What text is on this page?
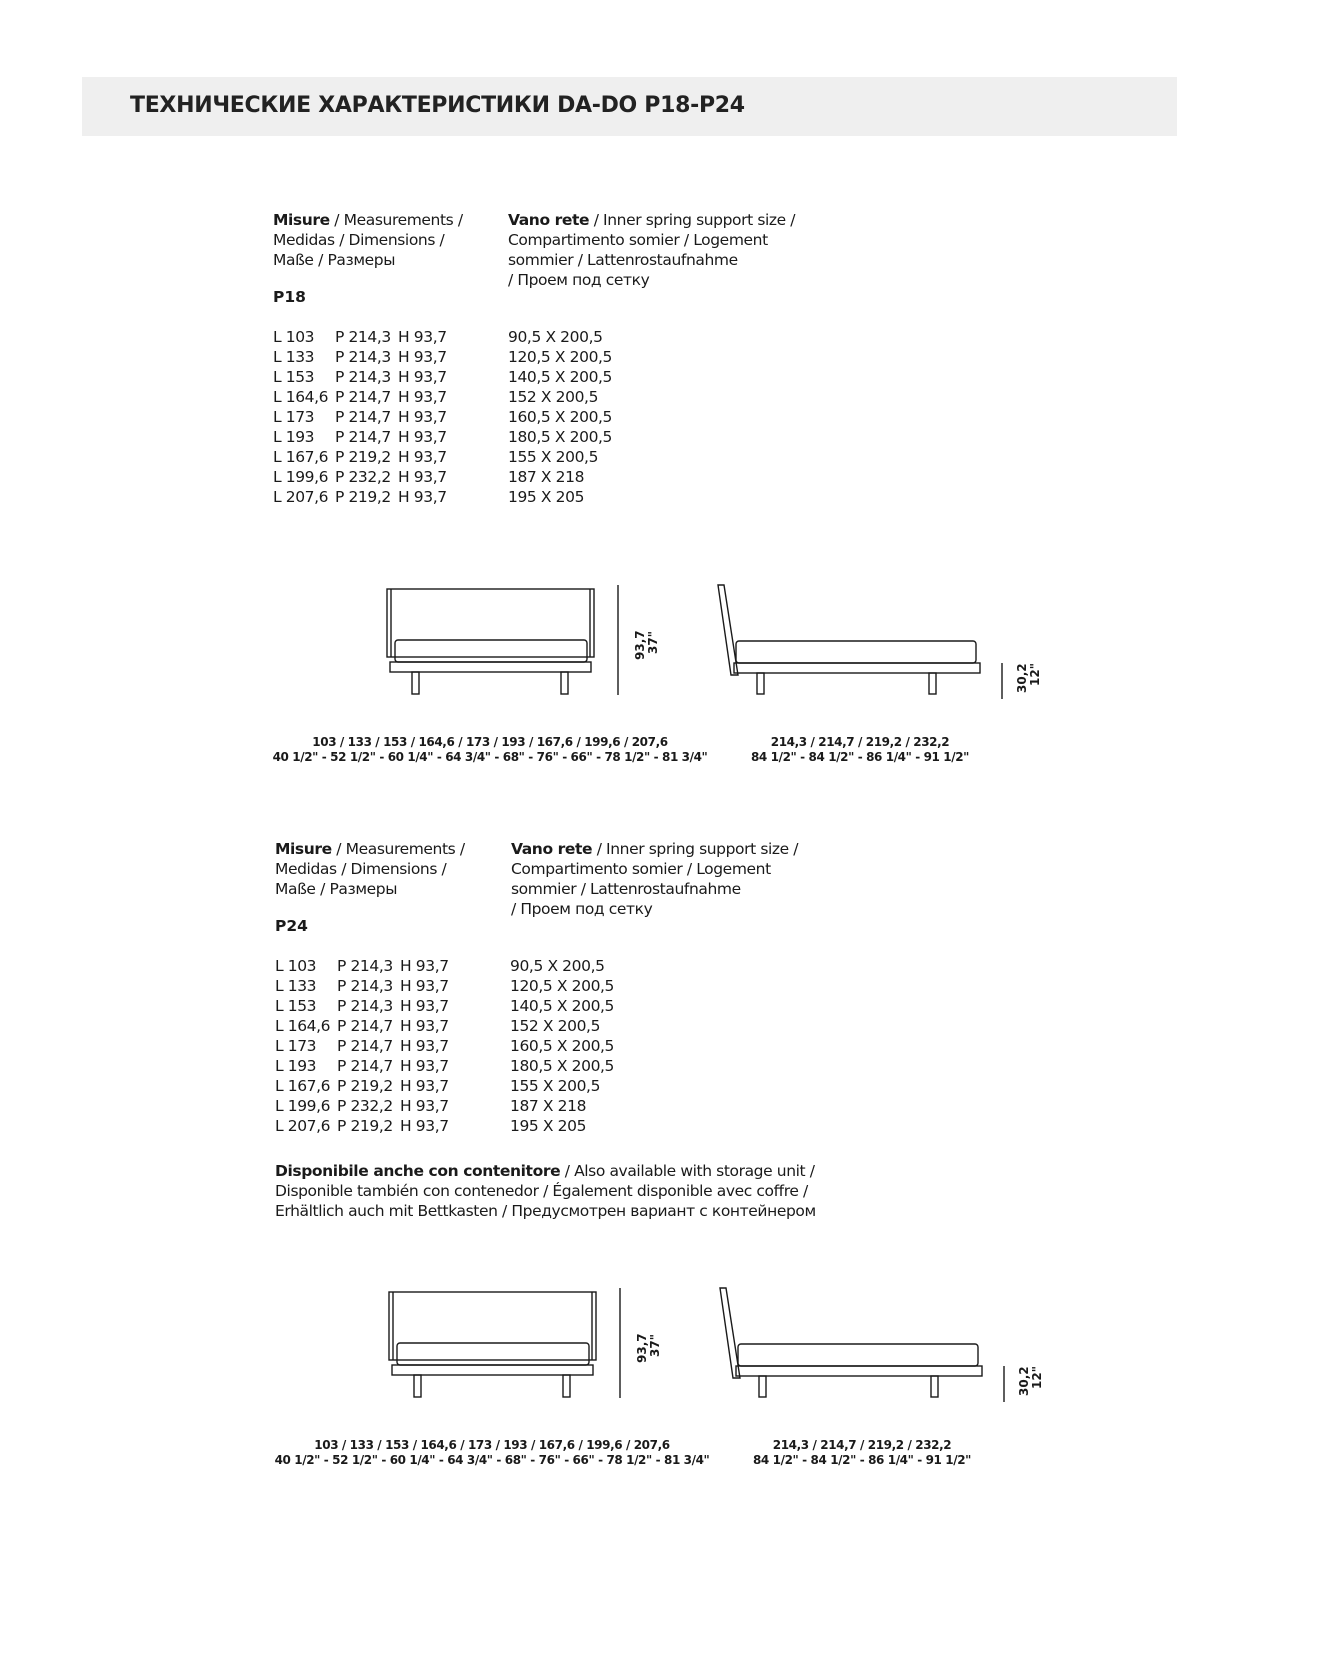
ТЕХНИЧЕСКИЕ ХАРАКТЕРИСТИКИ DA-DO P18-P24
Misure / Measurements /
Medidas / Dimensions /
Maße / Размеры
Vano rete / Inner spring support size /
Compartimento somier / Logement
sommier / Lattenrostaufnahme
/ Проем под сетку
P18
L 103 P 214,3 H 93,7	90,5 X 200,5
L 133 P 214,3 H 93,7	120,5 X 200,5
L 153 P 214,3 H 93,7	140,5 X 200,5
L 164,6 P 214,7 H 93,7	152 X 200,5
L 173 P 214,7 H 93,7	160,5 X 200,5
L 193 P 214,7 H 93,7	180,5 X 200,5
L 167,6 P 219,2 H 93,7	155 X 200,5
L 199,6 P 232,2 H 93,7	187 X 218
L 207,6 P 219,2 H 93,7	195 X 205
93,7 37"
30,2 12"
103 / 133 / 153 / 164,6 / 173 / 193 / 167,6 / 199,6 / 207,6
40 1/2" - 52 1/2" - 60 1/4" - 64 3/4" - 68" - 76" - 66" - 78 1/2" - 81 3/4"
214,3 / 214,7 / 219,2 / 232,2
84 1/2" - 84 1/2" - 86 1/4" - 91 1/2"
Misure / Measurements /
Medidas / Dimensions /
Maße / Размеры
Vano rete / Inner spring support size /
Compartimento somier / Logement
sommier / Lattenrostaufnahme
/ Проем под сетку
P24
L 103 P 214,3 H 93,7	90,5 X 200,5
L 133 P 214,3 H 93,7	120,5 X 200,5
L 153 P 214,3 H 93,7	140,5 X 200,5
L 164,6 P 214,7 H 93,7	152 X 200,5
L 173 P 214,7 H 93,7	160,5 X 200,5
L 193 P 214,7 H 93,7	180,5 X 200,5
L 167,6 P 219,2 H 93,7	155 X 200,5
L 199,6 P 232,2 H 93,7	187 X 218
L 207,6 P 219,2 H 93,7	195 X 205
Disponibile anche con contenitore / Also available with storage unit /
Disponible también con contenedor / Également disponible avec coffre /
Erhältlich auch mit Bettkasten / Предусмотрен вариант с контейнером
93,7 37"
30,2 12"
103 / 133 / 153 / 164,6 / 173 / 193 / 167,6 / 199,6 / 207,6
40 1/2" - 52 1/2" - 60 1/4" - 64 3/4" - 68" - 76" - 66" - 78 1/2" - 81 3/4"
214,3 / 214,7 / 219,2 / 232,2
84 1/2" - 84 1/2" - 86 1/4" - 91 1/2"
